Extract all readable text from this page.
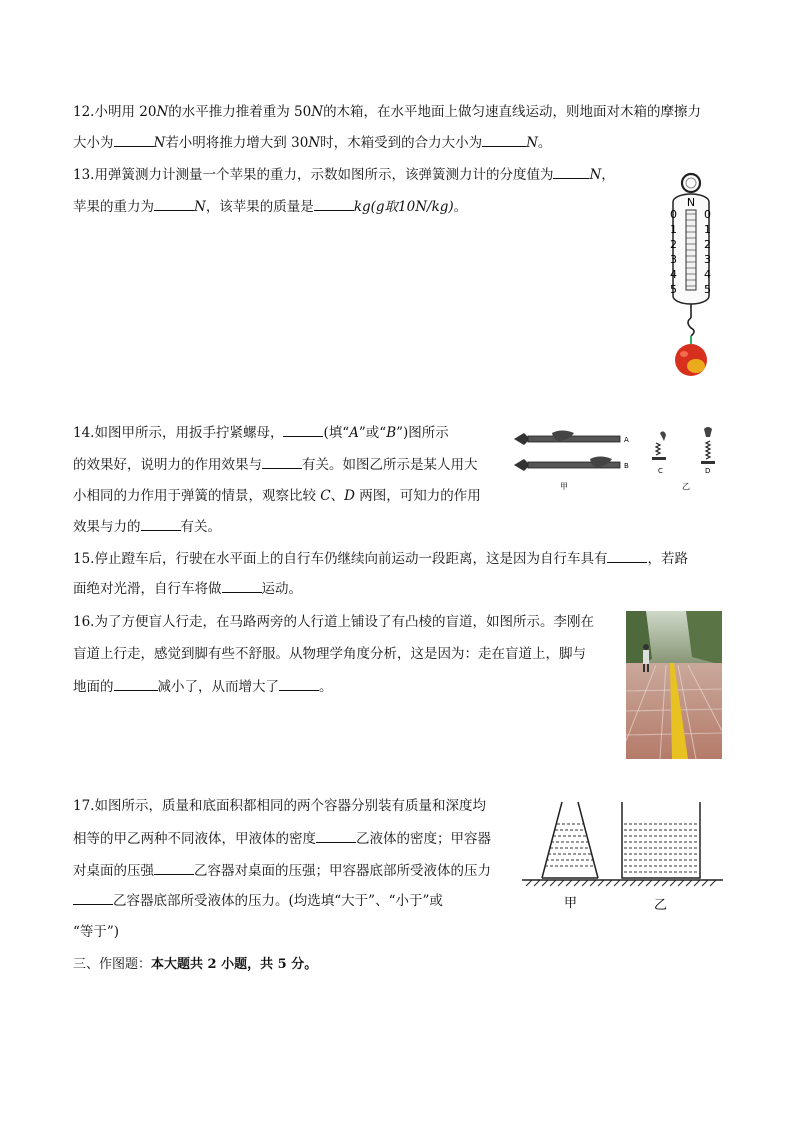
12.小明用 20N的水平推力推着重为 50N的木箱，在水平地面上做匀速直线运动，则地面对木箱的摩擦力
大小为	N若小明将推力增大到 30N时，木箱受到的合力大小为	N。
13.用弹簧测力计测量一个苹果的重力，示数如图所示，该弹簧测力计的分度值为	N，
苹果的重力为	N，该苹果的质量是	kg(g取10N/kg)。	N
0
1
2
3
4
5
0
1
2
3
4
5
14.如图甲所示，用扳手拧紧螺母，	(填“A”或“B”)图所示
的效果好，说明力的作用效果与	有关。如图乙所示是某人用大
小相同的力作用于弹簧的情景，观察比较 C、D 两图，可知力的作用
效果与力的	有关。
A
B
甲
C	D
乙
15.停止蹬车后，行驶在水平面上的自行车仍继续向前运动一段距离，这是因为自行车具有	，若路
面绝对光滑，自行车将做	运动。
16.为了方便盲人行走，在马路两旁的人行道上铺设了有凸棱的盲道，如图所示。李刚在
盲道上行走，感觉到脚有些不舒服。从物理学角度分析，这是因为：走在盲道上，脚与
地面的	减小了，从而增大了	。
17.如图所示，质量和底面积都相同的两个容器分别装有质量和深度均
相等的甲乙两种不同液体，甲液体的密度	乙液体的密度；甲容器
对桌面的压强	乙容器对桌面的压强；甲容器底部所受液体的压力
乙容器底部所受液体的压力。(均选填“大于”、“小于”或
“等于”)
甲	乙
三、作图题：本大题共 2 小题，共 5 分。
